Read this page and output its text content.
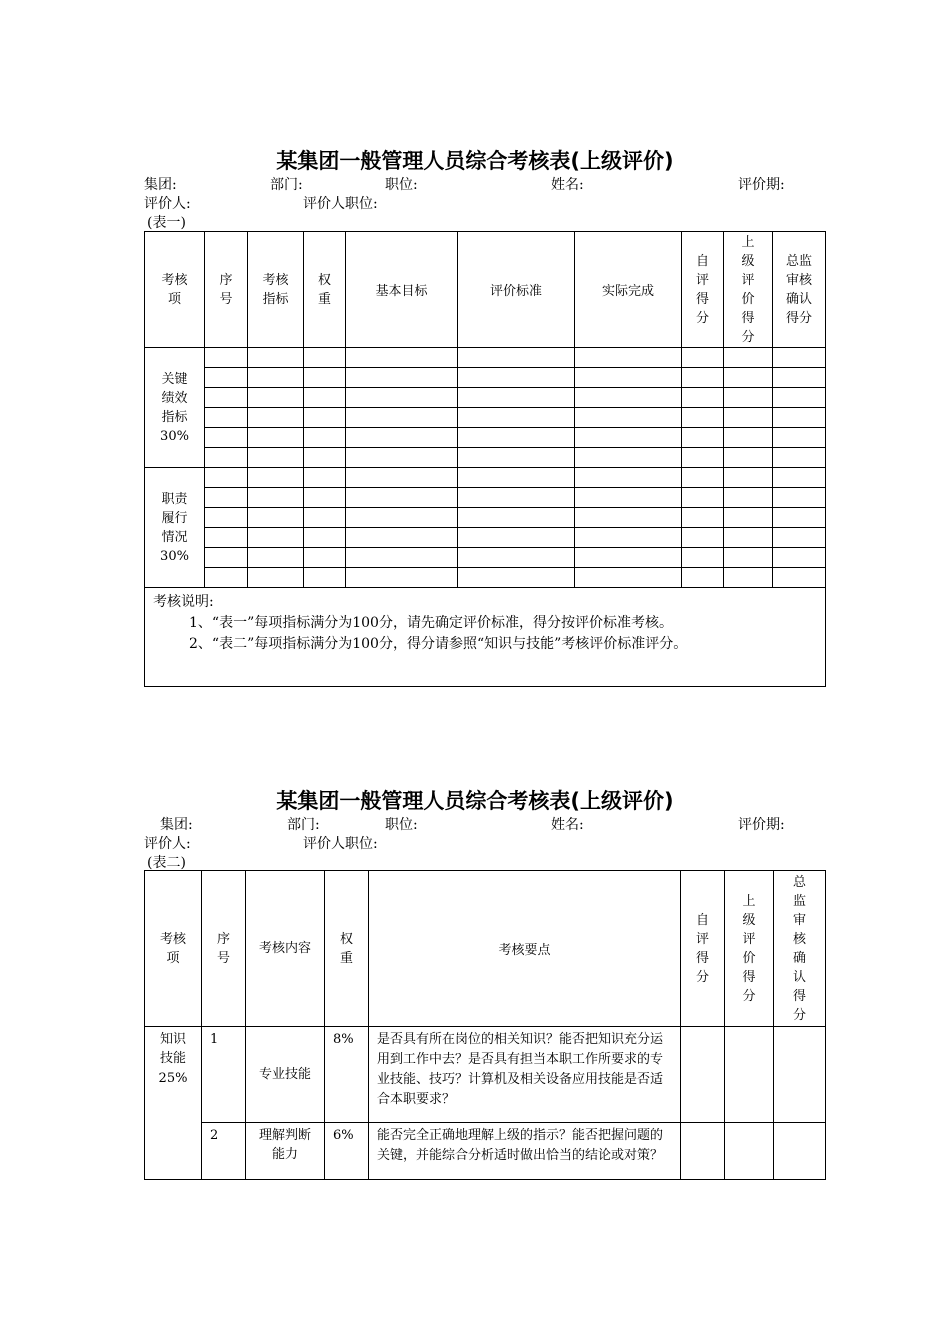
某集团一般管理人员综合考核表(上级评价)
集团:	部门:	职位:	姓名:	评价期:
评价人:	评价人职位:
(表一)
考核项	序号	考核指标	权重	基本目标	评价标准	实际完成	自评得分	上级评价得分	总监审核确认得分
关键绩效指标
30%									

职责履行情况
30%									

考核说明:
1、“表一”每项指标满分为100分，请先确定评价标准，得分按评价标准考核。
2、“表二”每项指标满分为100分，得分请参照“知识与技能”考核评价标准评分。									
某集团一般管理人员综合考核表(上级评价)
集团:	部门:	职位:	姓名:	评价期:
评价人:	评价人职位:
(表二)
考核项	序号	考核内容	权重	考核要点	自评得分	上级评价得分	总监审核确认得分
知识技能
25%	1	专业技能	8%	是否具有所在岗位的相关知识？能否把知识充分运用到工作中去？是否具有担当本职工作所要求的专业技能、技巧？计算机及相关设备应用技能是否适合本职要求？			
	2	理解判断能力	6%	能否完全正确地理解上级的指示？能否把握问题的关键，并能综合分析适时做出恰当的结论或对策？			
